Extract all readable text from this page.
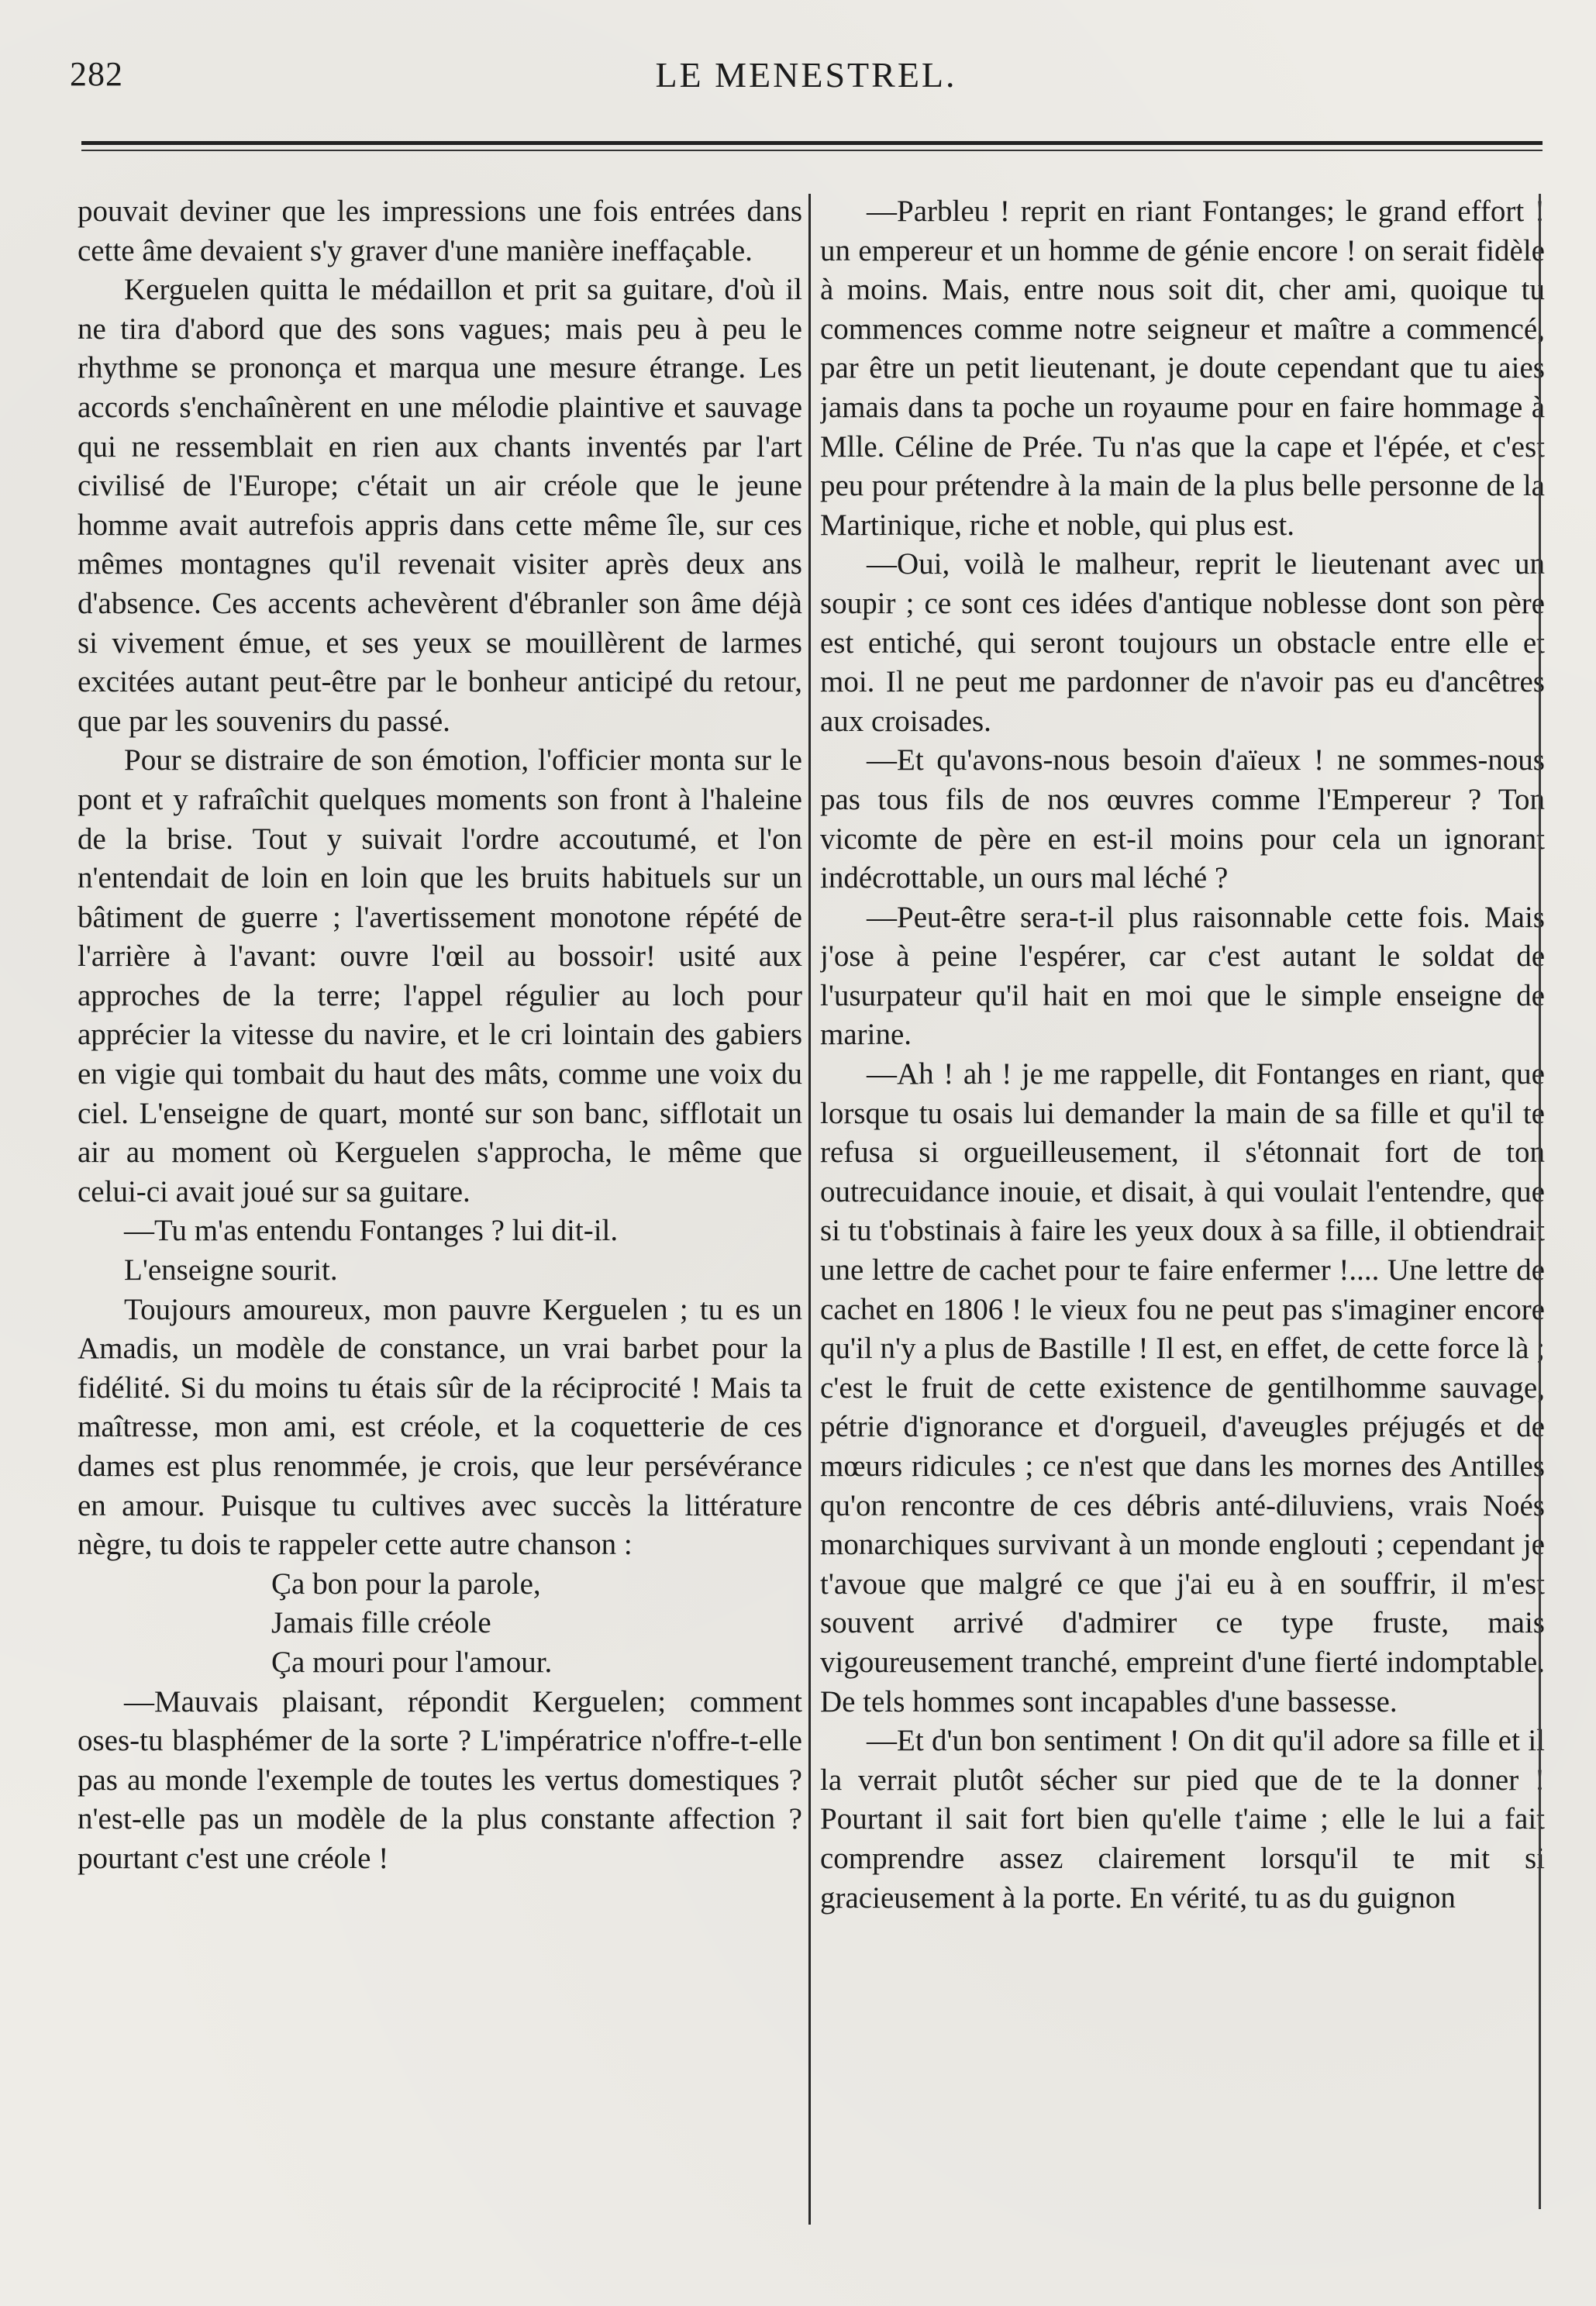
282	LE MENESTREL.

pouvait deviner que les impressions une fois entrées dans cette âme devaient s'y graver d'une manière ineffaçable.

Kerguelen quitta le médaillon et prit sa guitare, d'où il ne tira d'abord que des sons vagues; mais peu à peu le rhythme se prononça et marqua une mesure étrange. Les accords s'enchaînèrent en une mélodie plaintive et sauvage qui ne ressemblait en rien aux chants inventés par l'art civilisé de l'Europe; c'était un air créole que le jeune homme avait autrefois appris dans cette même île, sur ces mêmes montagnes qu'il revenait visiter après deux ans d'absence. Ces accents achevèrent d'ébranler son âme déjà si vivement émue, et ses yeux se mouillèrent de larmes excitées autant peut-être par le bonheur anticipé du retour, que par les souvenirs du passé.

Pour se distraire de son émotion, l'officier monta sur le pont et y rafraîchit quelques moments son front à l'haleine de la brise. Tout y suivait l'ordre accoutumé, et l'on n'entendait de loin en loin que les bruits habituels sur un bâtiment de guerre ; l'avertissement monotone répété de l'arrière à l'avant: ouvre l'œil au bossoir! usité aux approches de la terre; l'appel régulier au loch pour apprécier la vitesse du navire, et le cri lointain des gabiers en vigie qui tombait du haut des mâts, comme une voix du ciel. L'enseigne de quart, monté sur son banc, sifflotait un air au moment où Kerguelen s'approcha, le même que celui-ci avait joué sur sa guitare.

—Tu m'as entendu Fontanges ? lui dit-il.

L'enseigne sourit.

Toujours amoureux, mon pauvre Kerguelen ; tu es un Amadis, un modèle de constance, un vrai barbet pour la fidélité. Si du moins tu étais sûr de la réciprocité ! Mais ta maîtresse, mon ami, est créole, et la coquetterie de ces dames est plus renommée, je crois, que leur persévérance en amour. Puisque tu cultives avec succès la littérature nègre, tu dois te rappeler cette autre chanson :

Ça bon pour la parole,

Jamais fille créole

Ça mouri pour l'amour.

—Mauvais plaisant, répondit Kerguelen; comment oses-tu blasphémer de la sorte ? L'impératrice n'offre-t-elle pas au monde l'exemple de toutes les vertus domestiques ? n'est-elle pas un modèle de la plus constante affection ? pourtant c'est une créole !

—Parbleu ! reprit en riant Fontanges; le grand effort ! un empereur et un homme de génie encore ! on serait fidèle à moins. Mais, entre nous soit dit, cher ami, quoique tu commences comme notre seigneur et maître a commencé, par être un petit lieutenant, je doute cependant que tu aies jamais dans ta poche un royaume pour en faire hommage à Mlle. Céline de Prée. Tu n'as que la cape et l'épée, et c'est peu pour prétendre à la main de la plus belle personne de la Martinique, riche et noble, qui plus est.

—Oui, voilà le malheur, reprit le lieutenant avec un soupir ; ce sont ces idées d'antique noblesse dont son père est entiché, qui seront toujours un obstacle entre elle et moi. Il ne peut me pardonner de n'avoir pas eu d'ancêtres aux croisades.

—Et qu'avons-nous besoin d'aïeux ! ne sommes-nous pas tous fils de nos œuvres comme l'Empereur ? Ton vicomte de père en est-il moins pour cela un ignorant indécrottable, un ours mal léché ?

—Peut-être sera-t-il plus raisonnable cette fois. Mais j'ose à peine l'espérer, car c'est autant le soldat de l'usurpateur qu'il hait en moi que le simple enseigne de marine.

—Ah ! ah ! je me rappelle, dit Fontanges en riant, que lorsque tu osais lui demander la main de sa fille et qu'il te refusa si orgueilleusement, il s'étonnait fort de ton outrecuidance inouie, et disait, à qui voulait l'entendre, que si tu t'obstinais à faire les yeux doux à sa fille, il obtiendrait une lettre de cachet pour te faire enfermer !.... Une lettre de cachet en 1806 ! le vieux fou ne peut pas s'imaginer encore qu'il n'y a plus de Bastille ! Il est, en effet, de cette force là ; c'est le fruit de cette existence de gentilhomme sauvage, pétrie d'ignorance et d'orgueil, d'aveugles préjugés et de mœurs ridicules ; ce n'est que dans les mornes des Antilles qu'on rencontre de ces débris anté-diluviens, vrais Noés monarchiques survivant à un monde englouti ; cependant je t'avoue que malgré ce que j'ai eu à en souffrir, il m'est souvent arrivé d'admirer ce type fruste, mais vigoureusement tranché, empreint d'une fierté indomptable. De tels hommes sont incapables d'une bassesse.

—Et d'un bon sentiment ! On dit qu'il adore sa fille et il la verrait plutôt sécher sur pied que de te la donner ! Pourtant il sait fort bien qu'elle t'aime ; elle le lui a fait comprendre assez clairement lorsqu'il te mit si gracieusement à la porte. En vérité, tu as du guignon
